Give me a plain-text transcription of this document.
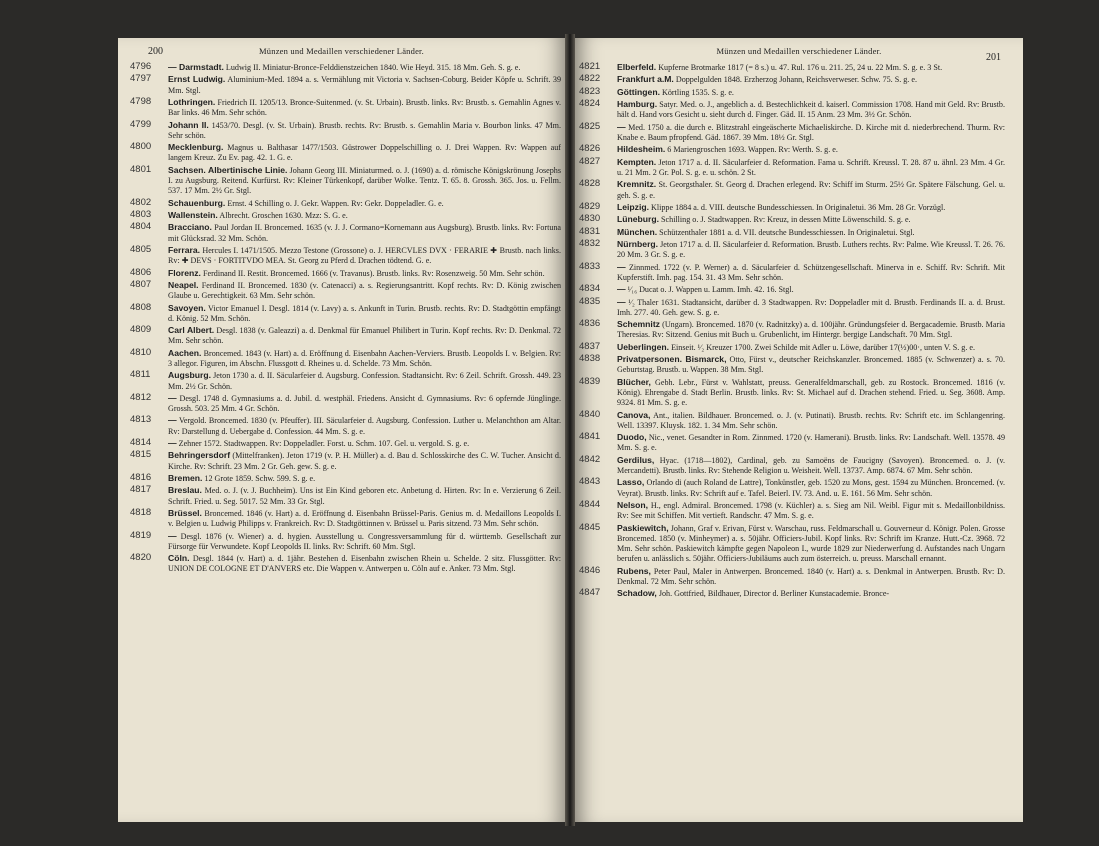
200	Münzen und Medaillen verschiedener Länder.
4796 — Darmstadt. Ludwig II. Miniatur-Bronce-Felddienstzeichen 1840. Wie Heyd. 315. 18 Mm. Geh. S. g. e.
4797 Ernst Ludwig. Aluminium-Med. 1894 a. s. Vermählung mit Victoria v. Sachsen-Coburg. Beider Köpfe u. Schrift. 39 Mm. Stgl.
4798 Lothringen. Friedrich II. 1205/13. Bronce-Suitenmed. (v. St. Urbain). Brustb. links. Rv: Brustb. s. Gemahlin Agnes v. Bar links. 46 Mm. Sehr schön.
4799 Johann II. 1453/70. Desgl. (v. St. Urbain). Brustb. rechts. Rv: Brustb. s. Gemahlin Maria v. Bourbon links. 47 Mm. Sehr schön.
4800 Mecklenburg. Magnus u. Balthasar 1477/1503. Güstrower Doppelschilling o. J. Drei Wappen. Rv: Wappen auf langem Kreuz. Zu Ev. pag. 42. 1. G. e.
4801 Sachsen. Albertinische Linie. Johann Georg III. Miniaturmed. o. J. (1690) a. d. römische Königskrönung Josephs I. zu Augsburg. Reitend. Kurfürst. Rv: Kleiner Türkenkopf, darüber Wolke. Tentz. T. 65. 8. Grossh. 365. Jos. u. Fellm. 537. 17 Mm. 2½ Gr. Stgl.
4802 Schauenburg. Ernst. 4 Schilling o. J. Gekr. Wappen. Rv: Gekr. Doppeladler. G. e.
4803 Wallenstein. Albrecht. Groschen 1630. Mzz: S. G. e.
4804 Bracciano. Paul Jordan II. Broncemed. 1635 (v. J. J. Cormano=Kornemann aus Augsburg). Brustb. links. Rv: Fortuna mit Glücksrad. 32 Mm. Schön.
4805 Ferrara. Hercules I. 1471/1505. Mezzo Testone (Grossone) o. J. HERCVLES DVX · FERARIE ✚ Brustb. nach links. Rv: ✚ DEVS · FORTITVDO MEA. St. Georg zu Pferd d. Drachen tödtend. G. e.
4806 Florenz. Ferdinand II. Restit. Broncemed. 1666 (v. Travanus). Brustb. links. Rv: Rosenzweig. 50 Mm. Sehr schön.
4807 Neapel. Ferdinand II. Broncemed. 1830 (v. Catenacci) a. s. Regierungsantritt. Kopf rechts. Rv: D. König zwischen Glaube u. Gerechtigkeit. 63 Mm. Sehr schön.
4808 Savoyen. Victor Emanuel I. Desgl. 1814 (v. Lavy) a. s. Ankunft in Turin. Brustb. rechts. Rv: D. Stadtgöttin empfängt d. König. 52 Mm. Schön.
4809 Carl Albert. Desgl. 1838 (v. Galeazzi) a. d. Denkmal für Emanuel Philibert in Turin. Kopf rechts. Rv: D. Denkmal. 72 Mm. Sehr schön.
4810 Aachen. Broncemed. 1843 (v. Hart) a. d. Eröffnung d. Eisenbahn Aachen-Verviers. Brustb. Leopolds I. v. Belgien. Rv: 3 allegor. Figuren, im Abschn. Flussgott d. Rheines u. d. Schelde. 73 Mm. Schön.
4811 Augsburg. Jeton 1730 a. d. II. Säcularfeier d. Augsburg. Confession. Stadtansicht. Rv: 6 Zeil. Schrift. Grossh. 449. 23 Mm. 2½ Gr. Schön.
4812 — Desgl. 1748 d. Gymnasiums a. d. Jubil. d. westphäl. Friedens. Ansicht d. Gymnasiums. Rv: 6 opfernde Jünglinge. Grossh. 503. 25 Mm. 4 Gr. Schön.
4813 — Vergold. Broncemed. 1830 (v. Pfeuffer). III. Säcularfeier d. Augsburg. Confession. Luther u. Melanchthon am Altar. Rv: Darstellung d. Uebergabe d. Confession. 44 Mm. S. g. e.
4814 — Zehner 1572. Stadtwappen. Rv: Doppeladler. Forst. u. Schm. 107. Gel. u. vergold. S. g. e.
4815 Behringersdorf (Mittelfranken). Jeton 1719 (v. P. H. Müller) a. d. Bau d. Schlosskirche des C. W. Tucher. Ansicht d. Kirche. Rv: Schrift. 23 Mm. 2 Gr. Geh. gew. S. g. e.
4816 Bremen. 12 Grote 1859. Schw. 599. S. g. e.
4817 Breslau. Med. o. J. (v. J. Buchheim). Uns ist Ein Kind geboren etc. Anbetung d. Hirten. Rv: In e. Verzierung 6 Zeil. Schrift. Fried. u. Seg. 5017. 52 Mm. 33 Gr. Stgl.
4818 Brüssel. Broncemed. 1846 (v. Hart) a. d. Eröffnung d. Eisenbahn Brüssel-Paris. Genius m. d. Medaillons Leopolds I. v. Belgien u. Ludwig Philipps v. Frankreich. Rv: D. Stadtgöttinnen v. Brüssel u. Paris sitzend. 73 Mm. Sehr schön.
4819 — Desgl. 1876 (v. Wiener) a. d. hygien. Ausstellung u. Congressversammlung für d. württemb. Gesellschaft zur Fürsorge für Verwundete. Kopf Leopolds II. links. Rv: Schrift. 60 Mm. Stgl.
4820 Cöln. Desgl. 1844 (v. Hart) a. d. 1jähr. Bestehen d. Eisenbahn zwischen Rhein u. Schelde. 2 sitz. Flussgötter. Rv: UNION DE COLOGNE ET D'ANVERS etc. Die Wappen v. Antwerpen u. Cöln auf e. Anker. 73 Mm. Stgl.
Münzen und Medaillen verschiedener Länder.
201
4821 Elberfeld. Kupferne Brotmarke 1817 (= 8 s.) u. 47. Rul. 176 u. 211. 25, 24 u. 22 Mm. S. g. e. 3 St.
4822 Frankfurt a.M. Doppelgulden 1848. Erzherzog Johann, Reichsverweser. Schw. 75. S. g. e.
4823 Göttingen. Körtling 1535. S. g. e.
4824 Hamburg. Satyr. Med. o. J., angeblich a. d. Bestechlichkeit d. kaiserl. Commission 1708. Hand mit Geld. Rv: Brustb. hält d. Hand vors Gesicht u. sieht durch d. Finger. Gäd. II. 15 Anm. 23 Mm. 3½ Gr. Schön.
4825 — Med. 1750 a. die durch e. Blitzstrahl eingeäscherte Michaeliskirche. D. Kirche mit d. niederbrechend. Thurm. Rv: Knabe e. Baum pfropfend. Gäd. 1867. 39 Mm. 18½ Gr. Stgl.
4826 Hildesheim. 6 Mariengroschen 1693. Wappen. Rv: Werth. S. g. e.
4827 Kempten. Jeton 1717 a. d. II. Säcularfeier d. Reformation. Fama u. Schrift. Kreussl. T. 28. 87 u. ähnl. 23 Mm. 4 Gr. u. 21 Mm. 2 Gr. Pol. S. g. e. u. schön. 2 St.
4828 Kremnitz. St. Georgsthaler. St. Georg d. Drachen erlegend. Rv: Schiff im Sturm. 25½ Gr. Spätere Fälschung. Gel. u. geh. S. g. e.
4829 Leipzig. Klippe 1884 a. d. VIII. deutsche Bundesschiessen. In Originaletui. 36 Mm. 28 Gr. Vorzügl.
4830 Lüneburg. Schilling o. J. Stadtwappen. Rv: Kreuz, in dessen Mitte Löwenschild. S. g. e.
4831 München. Schützenthaler 1881 a. d. VII. deutsche Bundesschiessen. In Originaletui. Stgl.
4832 Nürnberg. Jeton 1717 a. d. II. Säcularfeier d. Reformation. Brustb. Luthers rechts. Rv: Palme. Wie Kreussl. T. 26. 76. 20 Mm. 3 Gr. S. g. e.
4833 — Zinnmed. 1722 (v. P. Werner) a. d. Säcularfeier d. Schützengesellschaft. Minerva in e. Schiff. Rv: Schrift. Mit Kupferstift. Imh. pag. 154. 31. 43 Mm. Sehr schön.
4834 — ¹⁄₁₆ Ducat o. J. Wappen u. Lamm. Imh. 42. 16. Stgl.
4835 — ¹⁄₂ Thaler 1631. Stadtansicht, darüber d. 3 Stadtwappen. Rv: Doppeladler mit d. Brustb. Ferdinands II. a. d. Brust. Imh. 277. 40. Geh. gew. S. g. e.
4836 Schemnitz (Ungarn). Broncemed. 1870 (v. Radnitzky) a. d. 100jähr. Gründungsfeier d. Bergacademie. Brustb. Maria Theresias. Rv: Sitzend. Genius mit Buch u. Grubenlicht, im Hintergr. bergige Landschaft. 70 Mm. Stgl.
4837 Ueberlingen. Einseit. ¹⁄₂ Kreuzer 1700. Zwei Schilde mit Adler u. Löwe, darüber 17(½)00·, unten V. S. g. e.
4838 Privatpersonen. Bismarck, Otto, Fürst v., deutscher Reichskanzler. Broncemed. 1885 (v. Schwenzer) a. s. 70. Geburtstag. Brustb. u. Wappen. 38 Mm. Stgl.
4839 Blücher, Gebh. Lebr., Fürst v. Wahlstatt, preuss. Generalfeldmarschall, geb. zu Rostock. Broncemed. 1816 (v. König). Ehrengabe d. Stadt Berlin. Brustb. links. Rv: St. Michael auf d. Drachen stehend. Fried. u. Seg. 3608. Amp. 9324. 81 Mm. S. g. e.
4840 Canova, Ant., italien. Bildhauer. Broncemed. o. J. (v. Putinati). Brustb. rechts. Rv: Schrift etc. im Schlangenring. Well. 13397. Kluysk. 182. 1. 34 Mm. Sehr schön.
4841 Duodo, Nic., venet. Gesandter in Rom. Zinnmed. 1720 (v. Hamerani). Brustb. links. Rv: Landschaft. Well. 13578. 49 Mm. S. g. e.
4842 Gerdilus, Hyac. (1718—1802), Cardinal, geb. zu Samoëns de Faucigny (Savoyen). Broncemed. o. J. (v. Mercandetti). Brustb. links. Rv: Stehende Religion u. Weisheit. Well. 13737. Amp. 6874. 67 Mm. Sehr schön.
4843 Lasso, Orlando di (auch Roland de Lattre), Tonkünstler, geb. 1520 zu Mons, gest. 1594 zu München. Broncemed. (v. Veyrat). Brustb. links. Rv: Schrift auf e. Tafel. Beierl. IV. 73. And. u. E. 161. 56 Mm. Sehr schön.
4844 Nelson, H., engl. Admiral. Broncemed. 1798 (v. Küchler) a. s. Sieg am Nil. Weibl. Figur mit s. Medaillonbildniss. Rv: See mit Schiffen. Mit vertieft. Randschr. 47 Mm. S. g. e.
4845 Paskiewitch, Johann, Graf v. Erivan, Fürst v. Warschau, russ. Feldmarschall u. Gouverneur d. Königr. Polen. Grosse Broncemed. 1850 (v. Minheymer) a. s. 50jähr. Officiers-Jubil. Kopf links. Rv: Schrift im Kranze. Hutt.-Cz. 3968. 72 Mm. Sehr schön. Paskiewitch kämpfte gegen Napoleon I., wurde 1829 zur Niederwerfung d. Aufstandes nach Ungarn berufen u. anlässlich s. 50jähr. Officiers-Jubiläums auch zum österreich. u. preuss. Marschall ernannt.
4846 Rubens, Peter Paul, Maler in Antwerpen. Broncemed. 1840 (v. Hart) a. s. Denkmal in Antwerpen. Brustb. Rv: D. Denkmal. 72 Mm. Sehr schön.
4847 Schadow, Joh. Gottfried, Bildhauer, Director d. Berliner Kunstacademie. Bronce-
